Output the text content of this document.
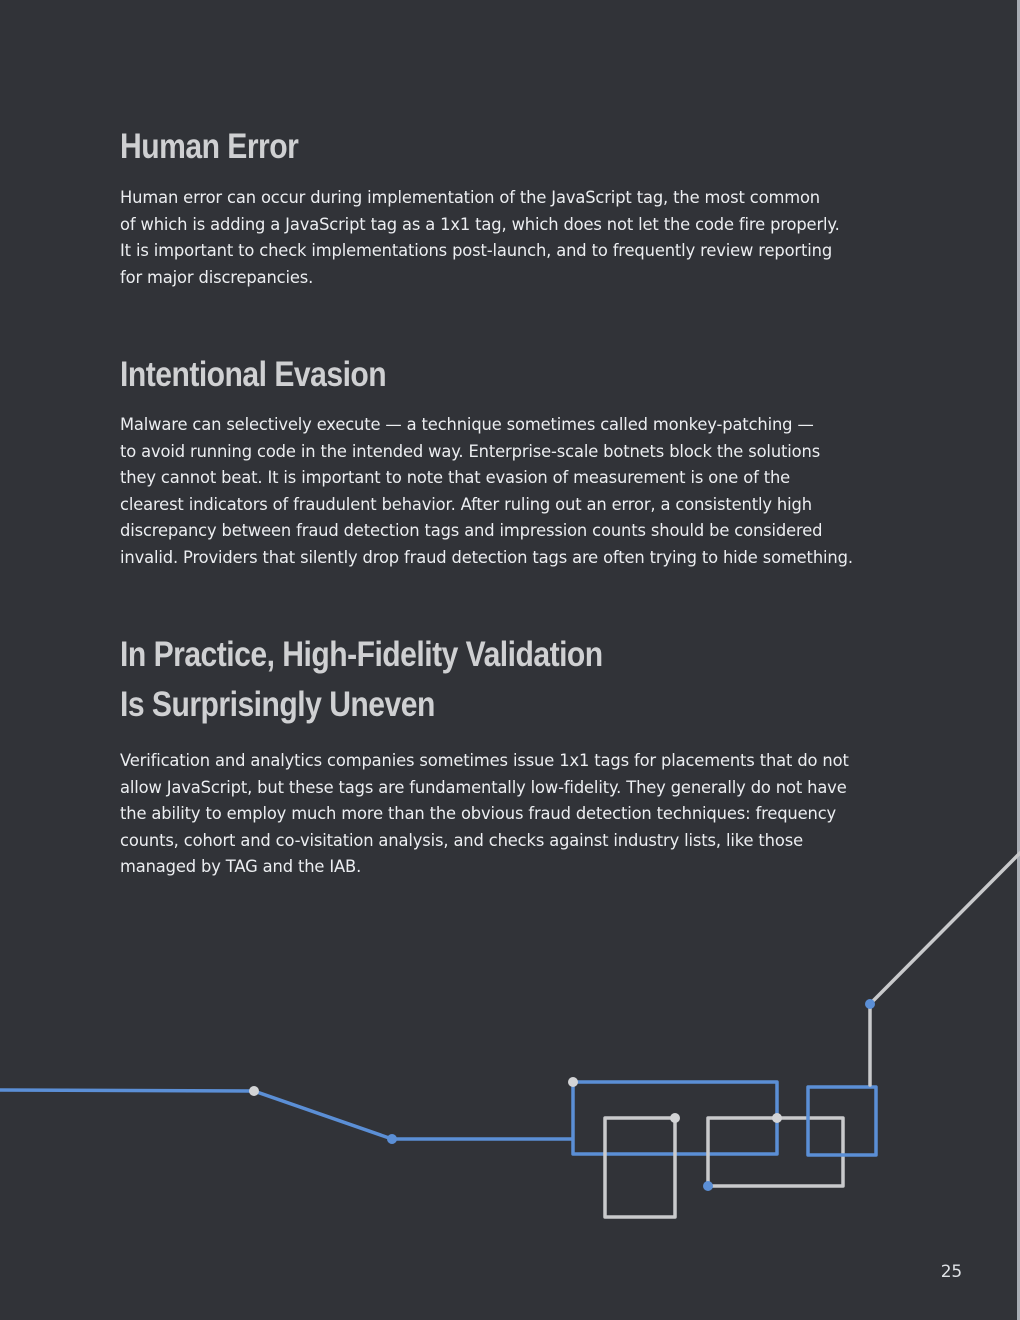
Human Error

Human error can occur during implementation of the JavaScript tag, the most common
of which is adding a JavaScript tag as a 1x1 tag, which does not let the code fire properly.
It is important to check implementations post-launch, and to frequently review reporting
for major discrepancies.

Intentional Evasion

Malware can selectively execute — a technique sometimes called monkey-patching —
to avoid running code in the intended way. Enterprise-scale botnets block the solutions
they cannot beat. It is important to note that evasion of measurement is one of the
clearest indicators of fraudulent behavior. After ruling out an error, a consistently high
discrepancy between fraud detection tags and impression counts should be considered
invalid. Providers that silently drop fraud detection tags are often trying to hide something.

In Practice, High-Fidelity Validation
Is Surprisingly Uneven

Verification and analytics companies sometimes issue 1x1 tags for placements that do not
allow JavaScript, but these tags are fundamentally low-fidelity. They generally do not have
the ability to employ much more than the obvious fraud detection techniques: frequency
counts, cohort and co-visitation analysis, and checks against industry lists, like those
managed by TAG and the IAB.

25
